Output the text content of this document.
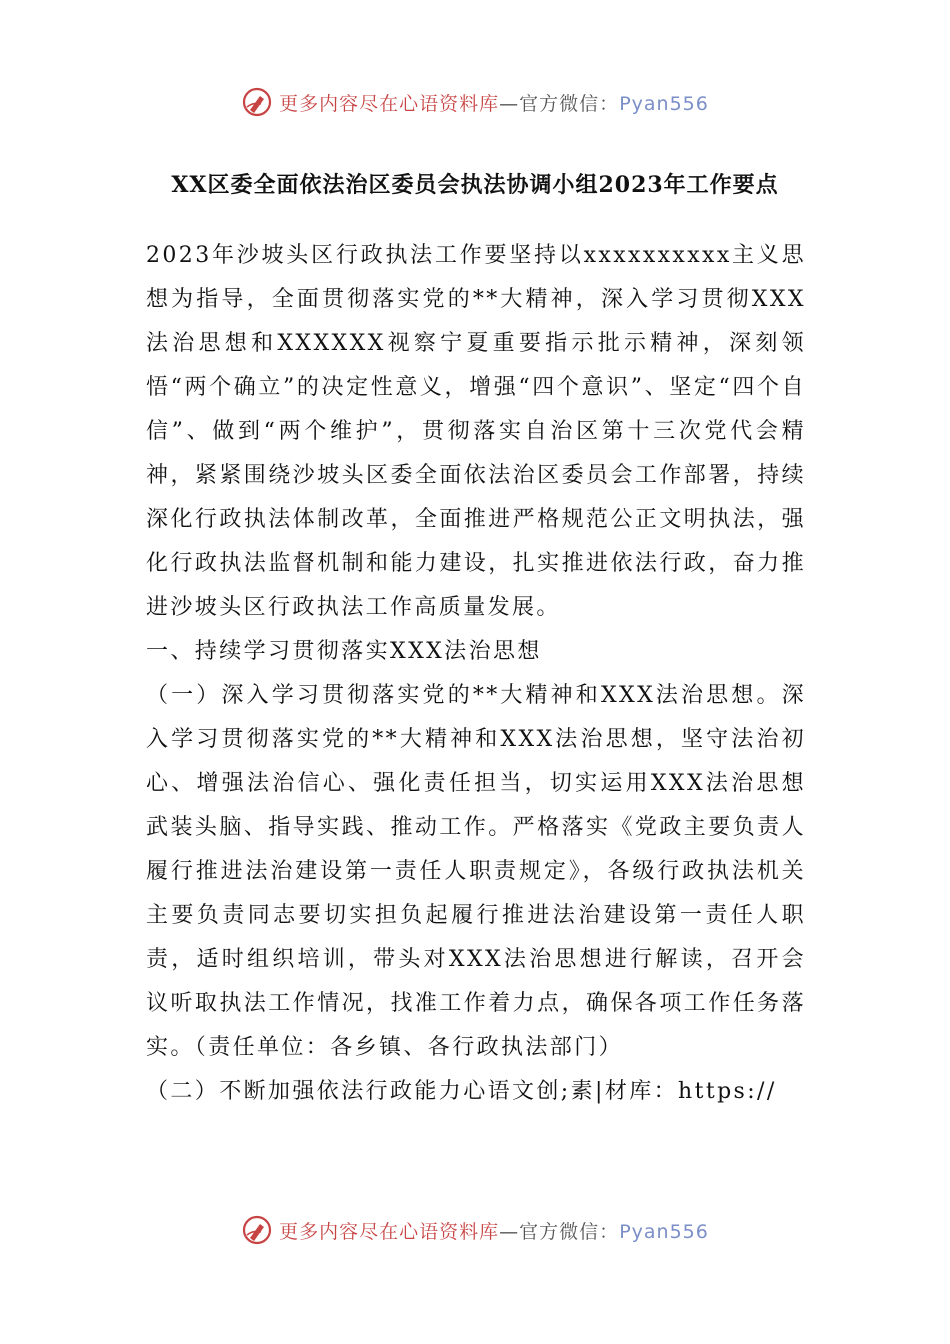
更多内容尽在心语资料库—官方微信：Pyan556
XX区委全面依法治区委员会执法协调小组2023年工作要点

2023年沙坡头区行政执法工作要坚持以xxxxxxxxxx主义思想为指导，全面贯彻落实党的**大精神，深入学习贯彻XXX法治思想和XXXXXX视察宁夏重要指示批示精神，深刻领悟“两个确立”的决定性意义，增强“四个意识”、坚定“四个自信”、做到“两个维护”，贯彻落实自治区第十三次党代会精神，紧紧围绕沙坡头区委全面依法治区委员会工作部署，持续深化行政执法体制改革，全面推进严格规范公正文明执法，强化行政执法监督机制和能力建设，扎实推进依法行政，奋力推进沙坡头区行政执法工作高质量发展。

一、持续学习贯彻落实XXX法治思想

（一）深入学习贯彻落实党的**大精神和XXX法治思想。深入学习贯彻落实党的**大精神和XXX法治思想，坚守法治初心、增强法治信心、强化责任担当，切实运用XXX法治思想武装头脑、指导实践、推动工作。严格落实《党政主要负责人履行推进法治建设第一责任人职责规定》，各级行政执法机关主要负责同志要切实担负起履行推进法治建设第一责任人职责，适时组织培训，带头对XXX法治思想进行解读，召开会议听取执法工作情况，找准工作着力点，确保各项工作任务落实。（责任单位：各乡镇、各行政执法部门）

（二）不断加强依法行政能力心语文创;素|材库：https://

更多内容尽在心语资料库—官方微信：Pyan556
